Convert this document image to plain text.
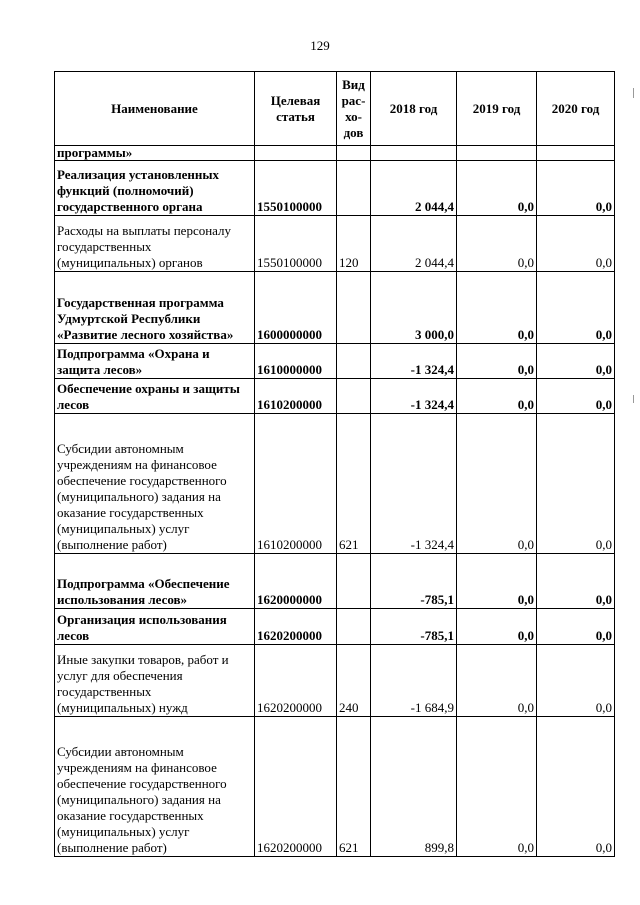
129
Наименование	Целевая статья	Вид рас-хо-дов	2018 год	2019 год	2020 год
программы»					
Реализация установленных функций (полномочий) государственного органа	1550100000		2 044,4	0,0	0,0
Расходы на выплаты персоналу государственных (муниципальных) органов	1550100000	120	2 044,4	0,0	0,0
Государственная программа Удмуртской Республики «Развитие лесного хозяйства»	1600000000		3 000,0	0,0	0,0
Подпрограмма «Охрана и защита лесов»	1610000000		-1 324,4	0,0	0,0
Обеспечение охраны и защиты лесов	1610200000		-1 324,4	0,0	0,0
Субсидии автономным учреждениям на финансовое обеспечение государственного (муниципального) задания на оказание государственных (муниципальных) услуг (выполнение работ)	1610200000	621	-1 324,4	0,0	0,0
Подпрограмма «Обеспечение использования лесов»	1620000000		-785,1	0,0	0,0
Организация использования лесов	1620200000		-785,1	0,0	0,0
Иные закупки товаров, работ и услуг для обеспечения государственных (муниципальных) нужд	1620200000	240	-1 684,9	0,0	0,0
Субсидии автономным учреждениям на финансовое обеспечение государственного (муниципального) задания на оказание государственных (муниципальных) услуг (выполнение работ)	1620200000	621	899,8	0,0	0,0
